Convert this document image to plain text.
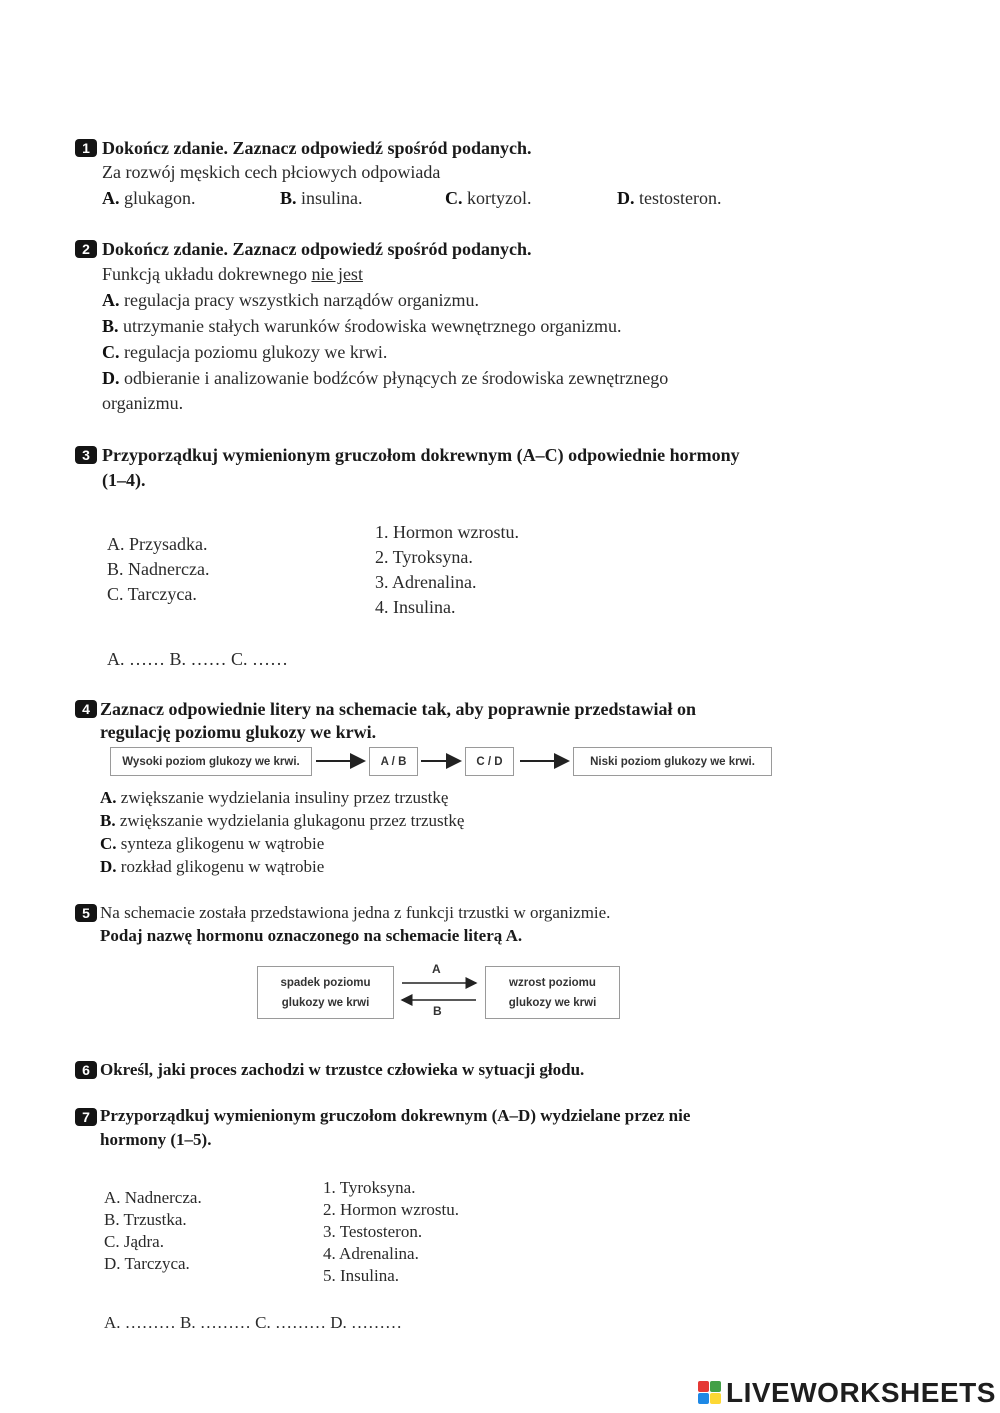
1 Dokończ zdanie. Zaznacz odpowiedź spośród podanych.
Za rozwój męskich cech płciowych odpowiada
A. glukagon.	B. insulina.	C. kortyzol.	D. testosteron.
2 Dokończ zdanie. Zaznacz odpowiedź spośród podanych.
Funkcją układu dokrewnego nie jest
A. regulacja pracy wszystkich narządów organizmu.
B. utrzymanie stałych warunków środowiska wewnętrznego organizmu.
C. regulacja poziomu glukozy we krwi.
D. odbieranie i analizowanie bodźców płynących ze środowiska zewnętrznego
organizmu.
3 Przyporządkuj wymienionym gruczołom dokrewnym (A–C) odpowiednie hormony
(1–4).
A. Przysadka.
B. Nadnercza.
C. Tarczyca.
1. Hormon wzrostu.
2. Tyroksyna.
3. Adrenalina.
4. Insulina.
A. …… B. …… C. ……
4 Zaznacz odpowiednie litery na schemacie tak, aby poprawnie przedstawiał on
regulację poziomu glukozy we krwi.
Wysoki poziom glukozy we krwi.	A / B	C / D	Niski poziom glukozy we krwi.
A. zwiększanie wydzielania insuliny przez trzustkę
B. zwiększanie wydzielania glukagonu przez trzustkę
C. synteza glikogenu w wątrobie
D. rozkład glikogenu w wątrobie
5 Na schemacie została przedstawiona jedna z funkcji trzustki w organizmie.
Podaj nazwę hormonu oznaczonego na schemacie literą A.
spadek poziomu
glukozy we krwi
wzrost poziomu
glukozy we krwi
A
B
6 Określ, jaki proces zachodzi w trzustce człowieka w sytuacji głodu.
7 Przyporządkuj wymienionym gruczołom dokrewnym (A–D) wydzielane przez nie
hormony (1–5).
A. Nadnercza.
B. Trzustka.
C. Jądra.
D. Tarczyca.
1. Tyroksyna.
2. Hormon wzrostu.
3. Testosteron.
4. Adrenalina.
5. Insulina.
A. ……… B. ……… C. ……… D. ………
LIVEWORKSHEETS
